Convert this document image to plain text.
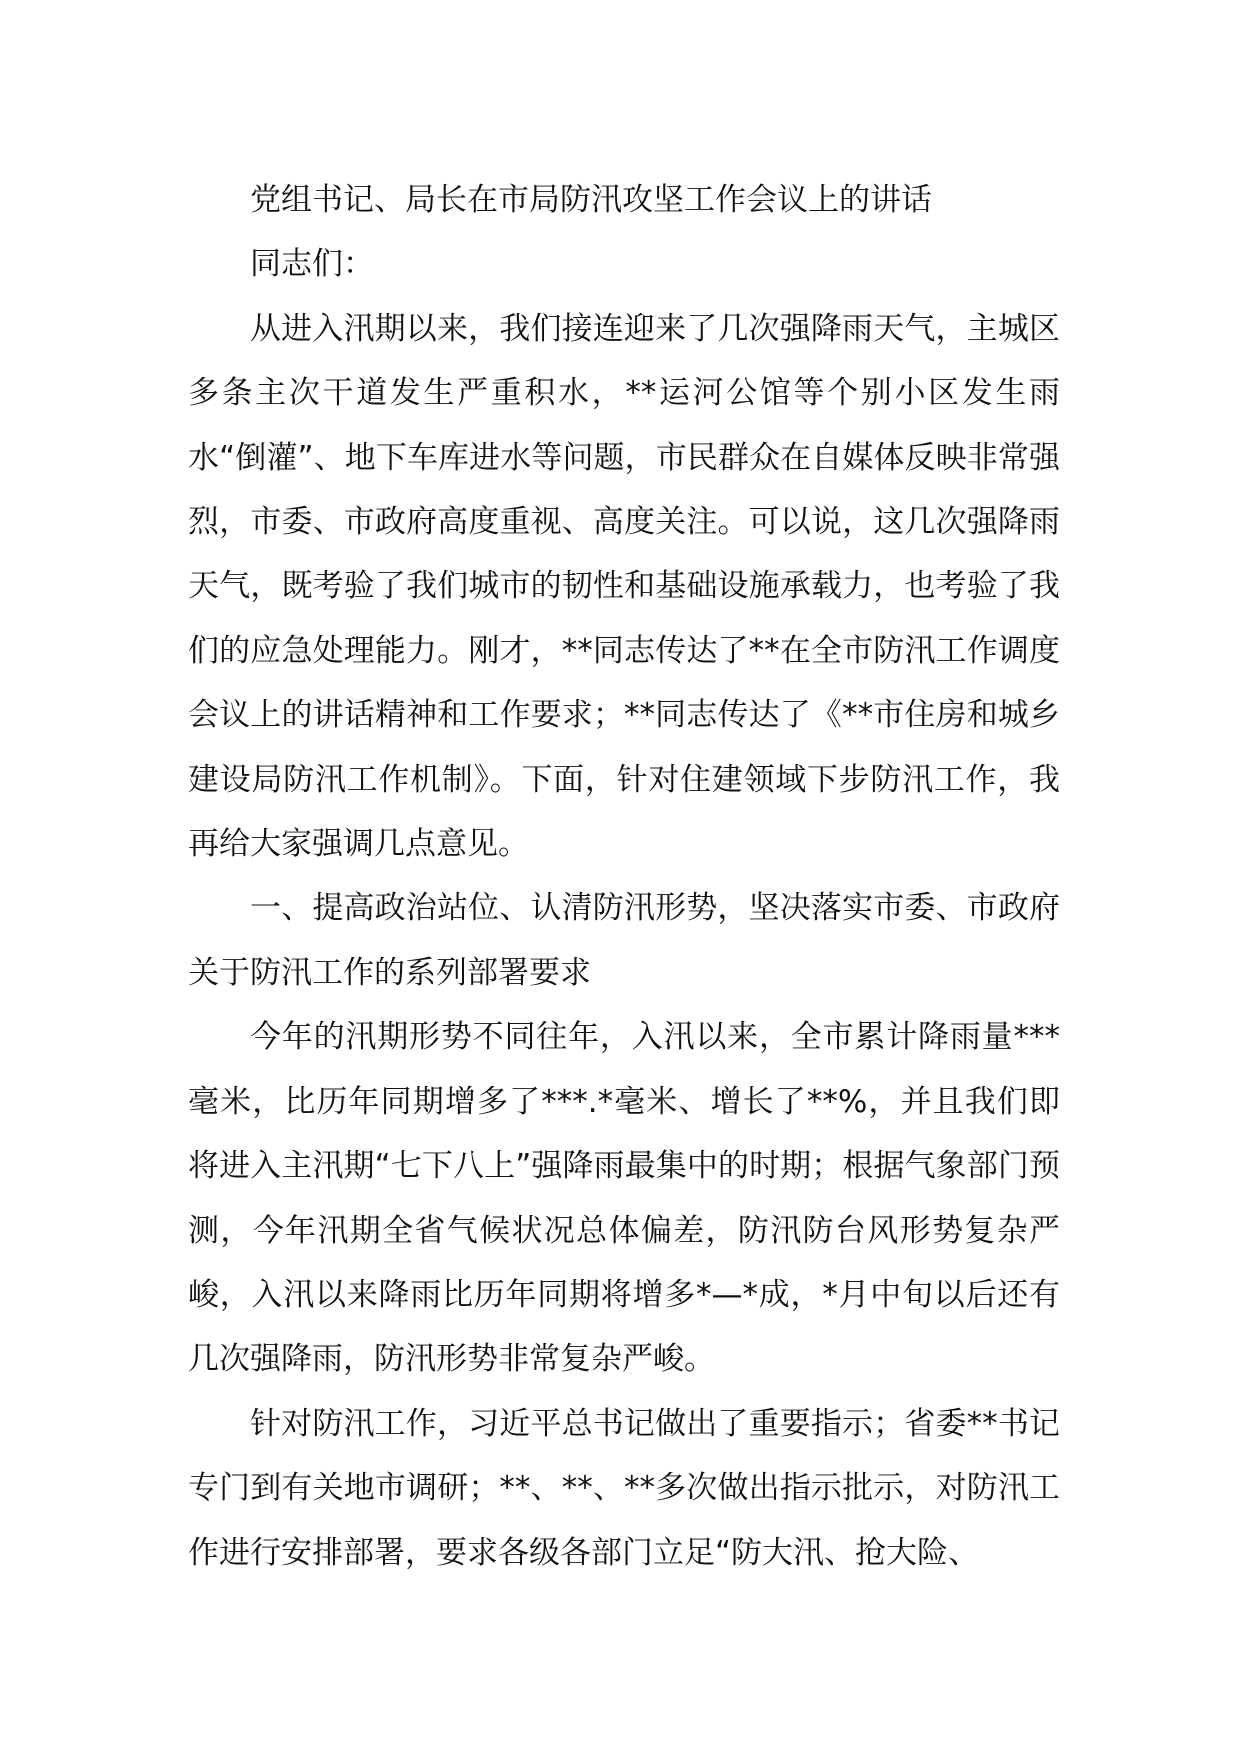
党组书记、局长在市局防汛攻坚工作会议上的讲话

同志们：

从进入汛期以来，我们接连迎来了几次强降雨天气，主城区多条主次干道发生严重积水，**运河公馆等个别小区发生雨水“倒灌”、地下车库进水等问题，市民群众在自媒体反映非常强烈，市委、市政府高度重视、高度关注。可以说，这几次强降雨天气，既考验了我们城市的韧性和基础设施承载力，也考验了我们的应急处理能力。刚才，**同志传达了**在全市防汛工作调度会议上的讲话精神和工作要求；**同志传达了《**市住房和城乡建设局防汛工作机制》。下面，针对住建领域下步防汛工作，我再给大家强调几点意见。

一、提高政治站位、认清防汛形势，坚决落实市委、市政府关于防汛工作的系列部署要求

今年的汛期形势不同往年，入汛以来，全市累计降雨量***毫米，比历年同期增多了***.*毫米、增长了**%，并且我们即将进入主汛期“七下八上”强降雨最集中的时期；根据气象部门预测，今年汛期全省气候状况总体偏差，防汛防台风形势复杂严峻，入汛以来降雨比历年同期将增多*—*成，*月中旬以后还有几次强降雨，防汛形势非常复杂严峻。

针对防汛工作，习近平总书记做出了重要指示；省委**书记专门到有关地市调研；**、**、**多次做出指示批示，对防汛工作进行安排部署，要求各级各部门立足“防大汛、抢大险、
